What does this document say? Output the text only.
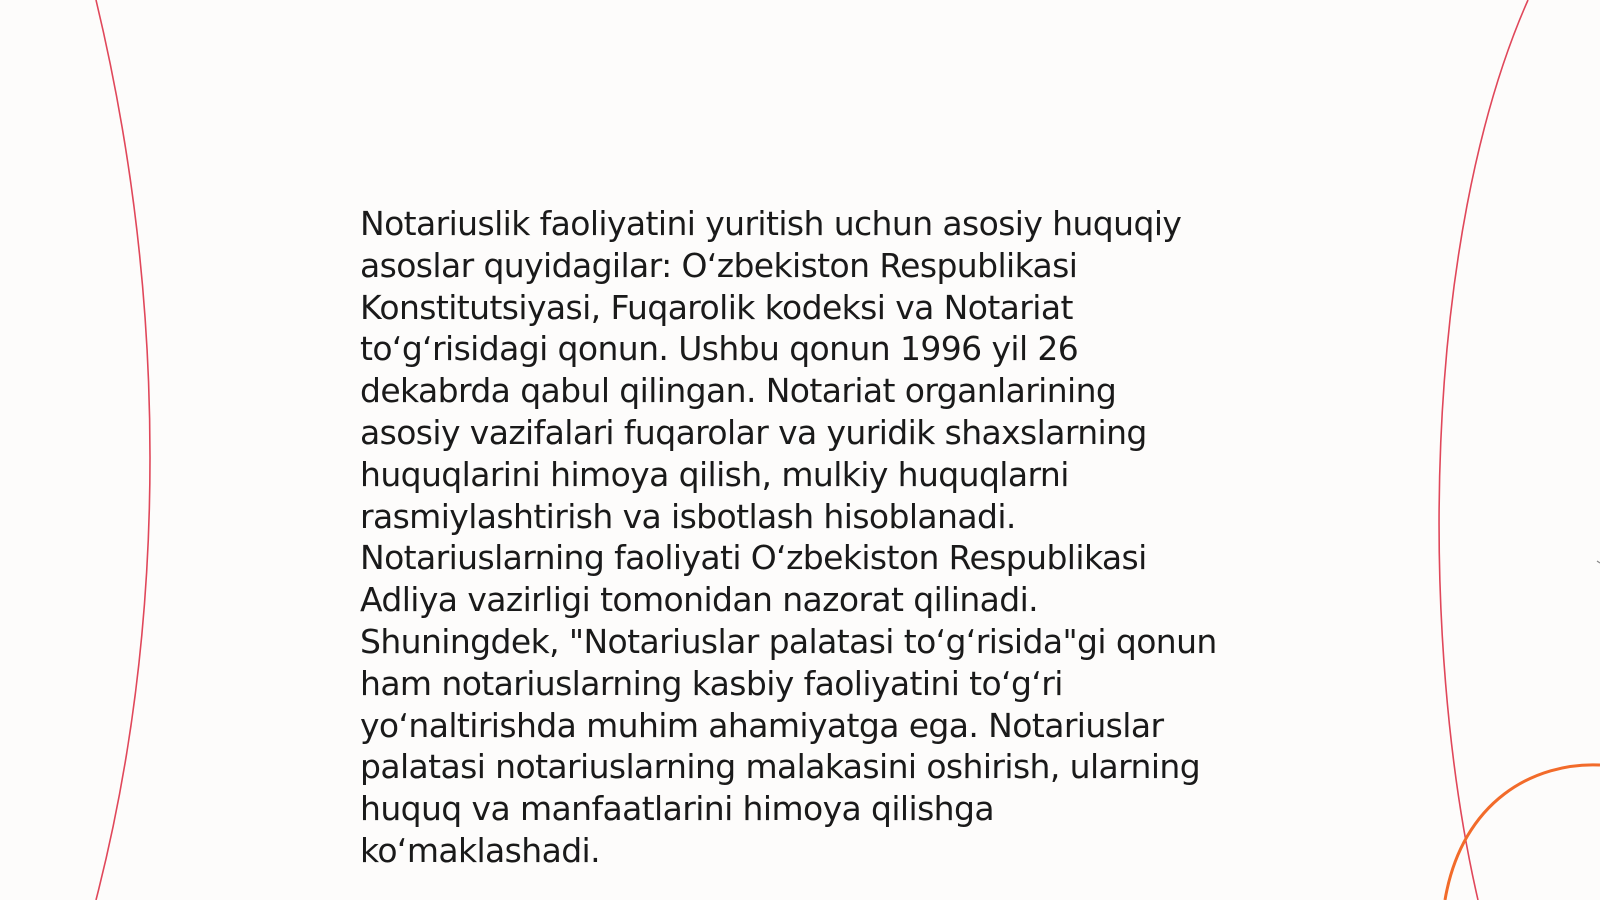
Notariuslik faoliyatini yuritish uchun asosiy huquqiy
asoslar quyidagilar: Oʻzbekiston Respublikasi
Konstitutsiyasi, Fuqarolik kodeksi va Notariat
toʻgʻrisidagi qonun. Ushbu qonun 1996 yil 26
dekabrda qabul qilingan. Notariat organlarining
asosiy vazifalari fuqarolar va yuridik shaxslarning
huquqlarini himoya qilish, mulkiy huquqlarni
rasmiylashtirish va isbotlash hisoblanadi.
Notariuslarning faoliyati Oʻzbekiston Respublikasi
Adliya vazirligi tomonidan nazorat qilinadi.
Shuningdek, "Notariuslar palatasi toʻgʻrisida"gi qonun
ham notariuslarning kasbiy faoliyatini toʻgʻri
yoʻnaltirishda muhim ahamiyatga ega. Notariuslar
palatasi notariuslarning malakasini oshirish, ularning
huquq va manfaatlarini himoya qilishga
koʻmaklashadi.
